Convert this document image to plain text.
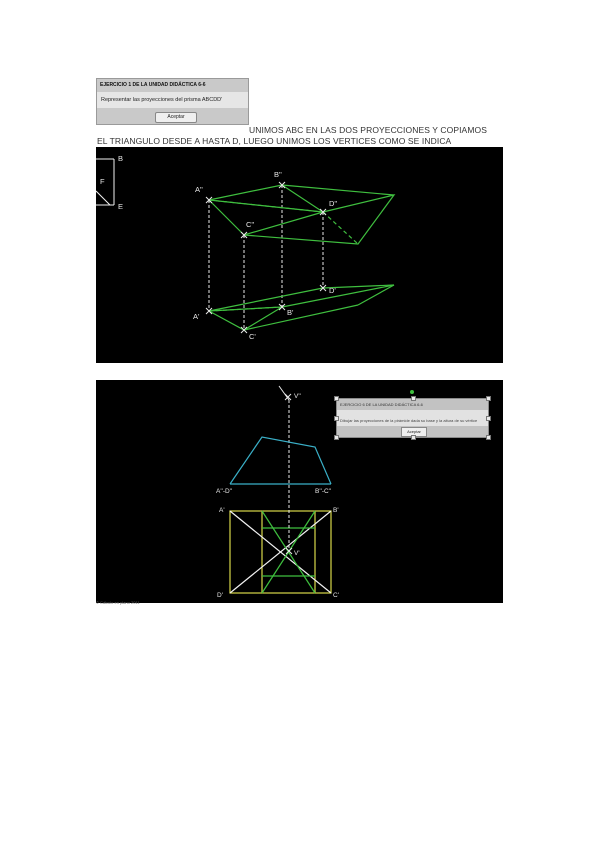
EJERCICIO 1 DE LA UNIDAD DIDÁCTICA 6-6
Representar las proyecciones del prisma ABCDD'
Aceptar
UNIMOS ABC EN LAS DOS PROYECCIONES Y COPIAMOS
EL TRIANGULO DESDE A HASTA D, LUEGO UNIMOS LOS VERTICES COMO SE INDICA
B
F
E
A''
B''
C''
D''
A'	B'
C'
D'
V''
A''-D''	B''-C''
A'	B'
V'
D'	C'
EJERCICIO 6 DE LA UNIDAD DIDÁCTICA 6-6
Dibujar las proyecciones de la pirámide dada su base y la altura de su vértice
Aceptar
© Cálculo en plano 2011
